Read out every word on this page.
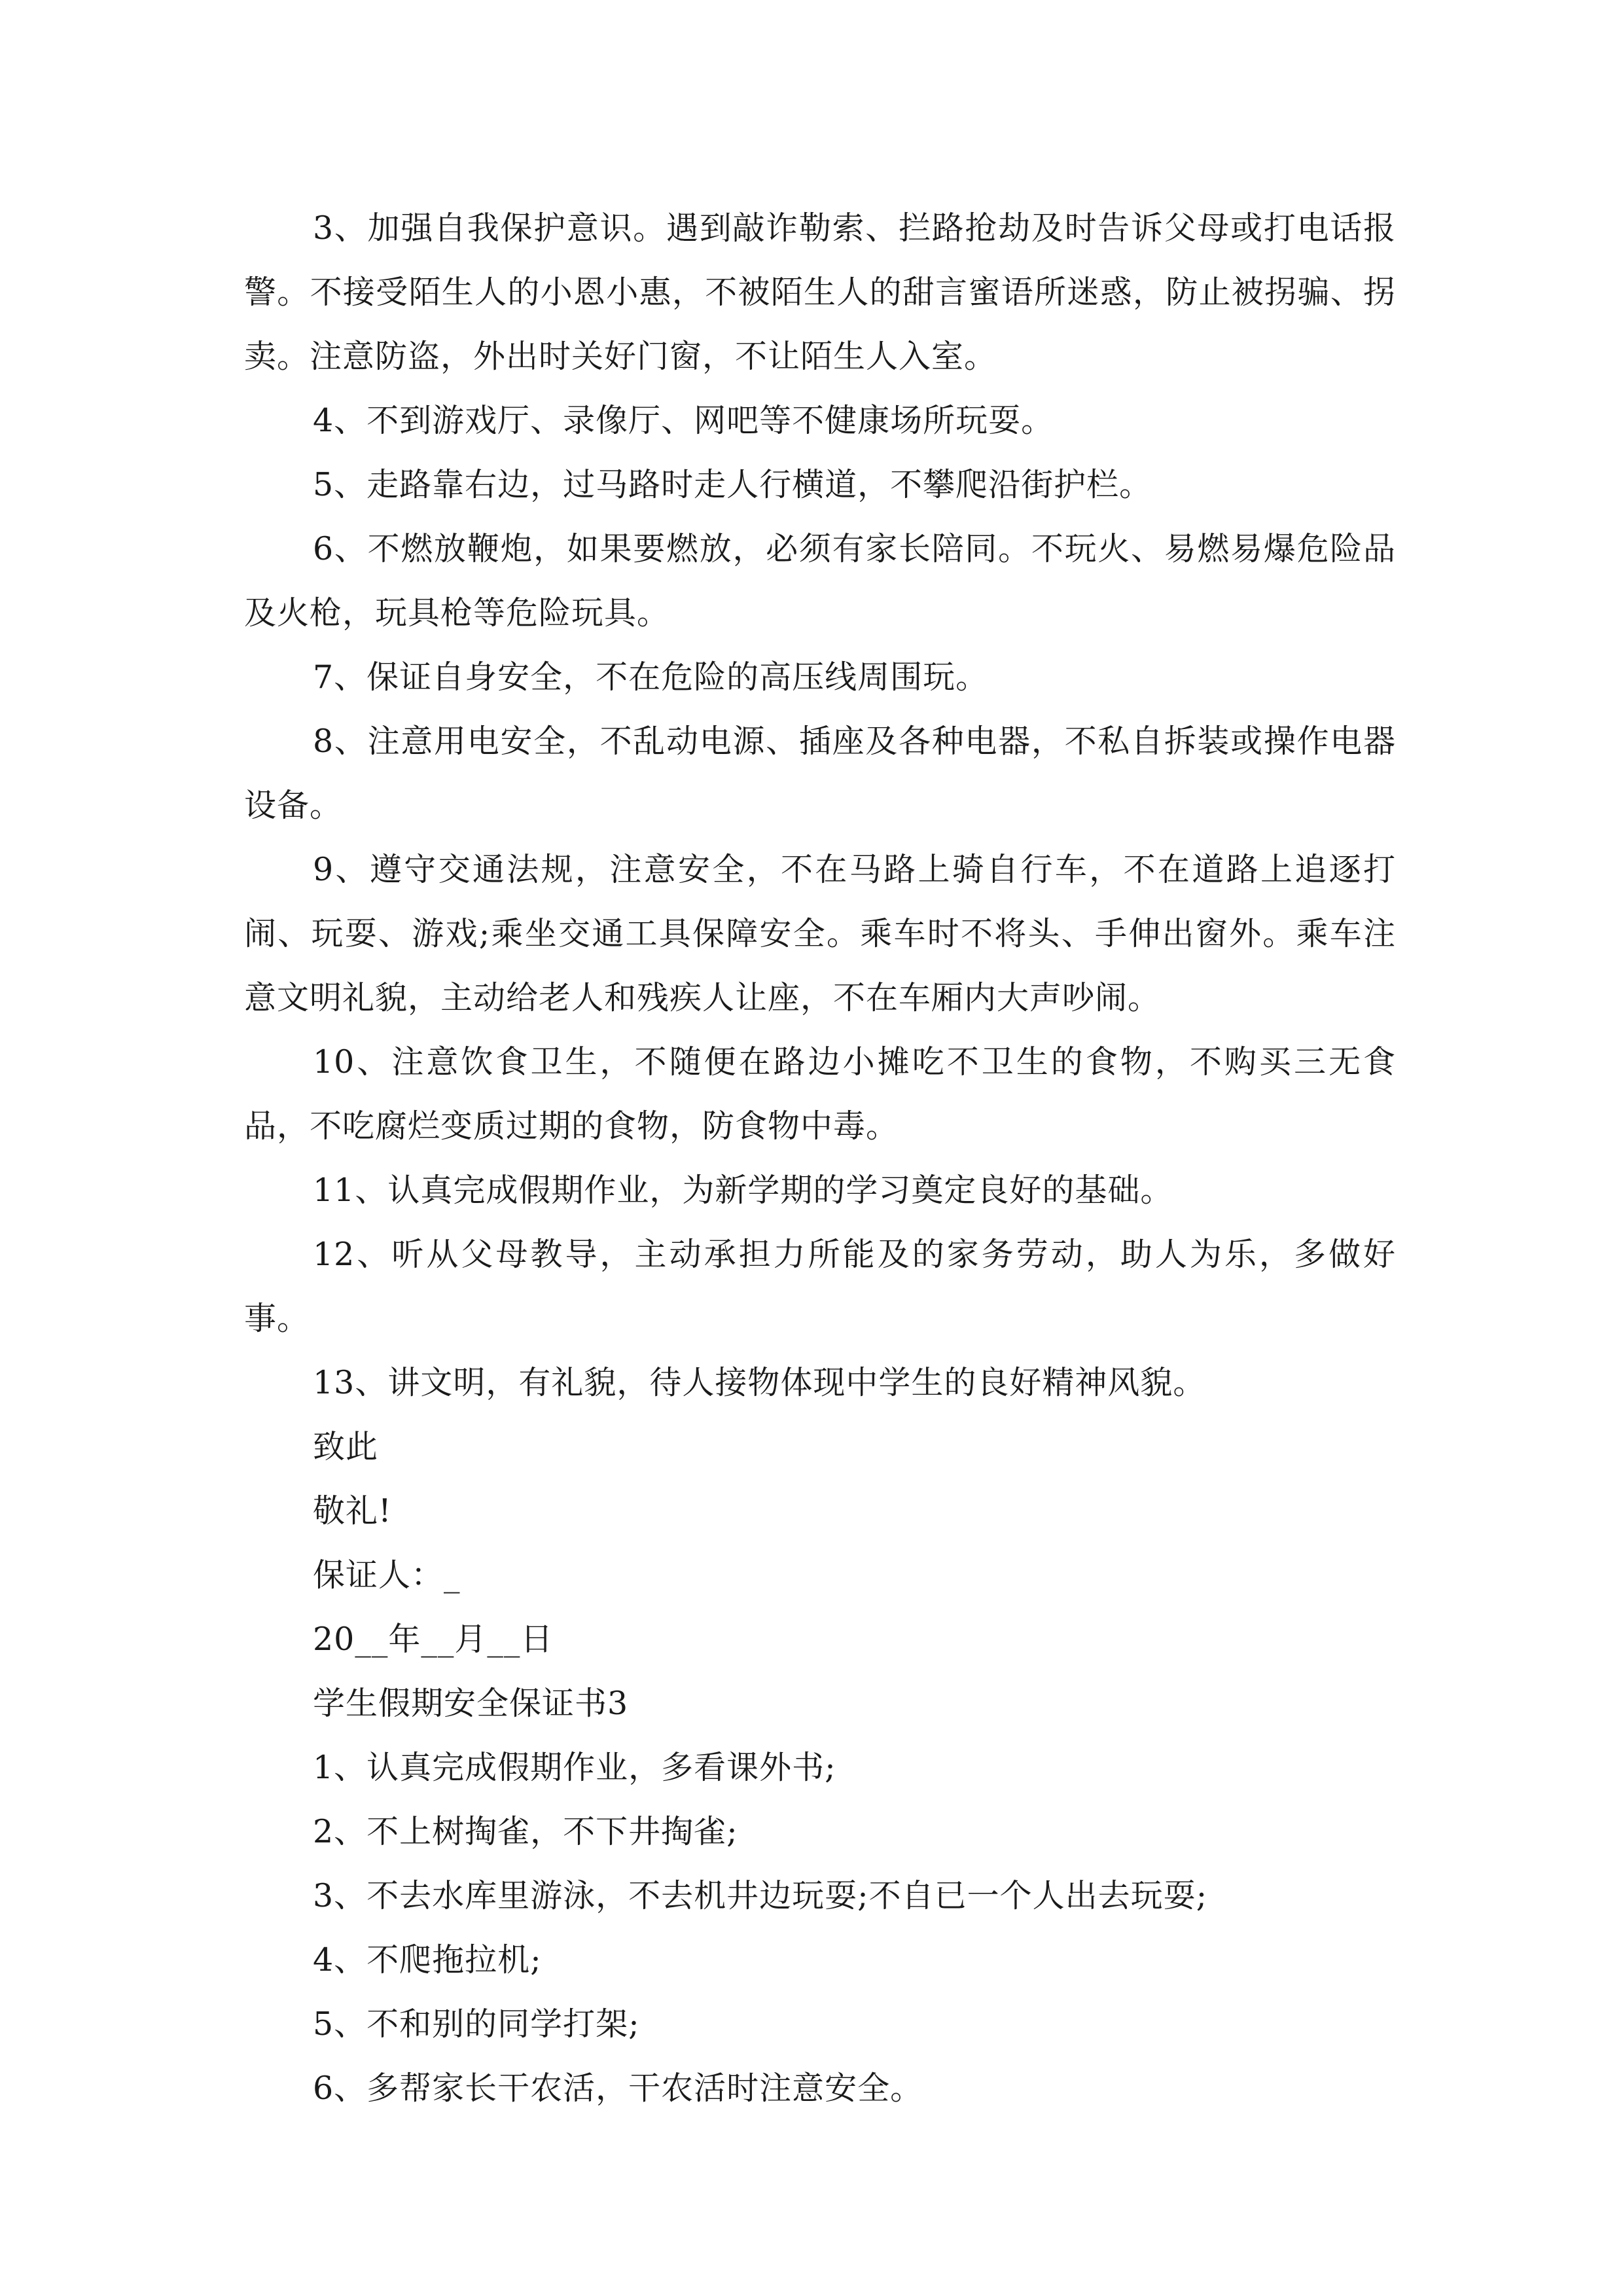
3、加强自我保护意识。遇到敲诈勒索、拦路抢劫及时告诉父母或打电话报警。不接受陌生人的小恩小惠，不被陌生人的甜言蜜语所迷惑，防止被拐骗、拐卖。注意防盗，外出时关好门窗，不让陌生人入室。

4、不到游戏厅、录像厅、网吧等不健康场所玩耍。

5、走路靠右边，过马路时走人行横道，不攀爬沿街护栏。

6、不燃放鞭炮，如果要燃放，必须有家长陪同。不玩火、易燃易爆危险品及火枪，玩具枪等危险玩具。

7、保证自身安全，不在危险的高压线周围玩。

8、注意用电安全，不乱动电源、插座及各种电器，不私自拆装或操作电器设备。

9、遵守交通法规，注意安全，不在马路上骑自行车，不在道路上追逐打闹、玩耍、游戏;乘坐交通工具保障安全。乘车时不将头、手伸出窗外。乘车注意文明礼貌，主动给老人和残疾人让座，不在车厢内大声吵闹。

10、注意饮食卫生，不随便在路边小摊吃不卫生的食物，不购买三无食品，不吃腐烂变质过期的食物，防食物中毒。

11、认真完成假期作业，为新学期的学习奠定良好的基础。

12、听从父母教导，主动承担力所能及的家务劳动，助人为乐，多做好事。

13、讲文明，有礼貌，待人接物体现中学生的良好精神风貌。

致此

敬礼!

保证人：_

20__年__月__日

学生假期安全保证书3

1、认真完成假期作业，多看课外书;

2、不上树掏雀，不下井掏雀;

3、不去水库里游泳，不去机井边玩耍;不自已一个人出去玩耍;

4、不爬拖拉机;

5、不和别的同学打架;

6、多帮家长干农活，干农活时注意安全。
